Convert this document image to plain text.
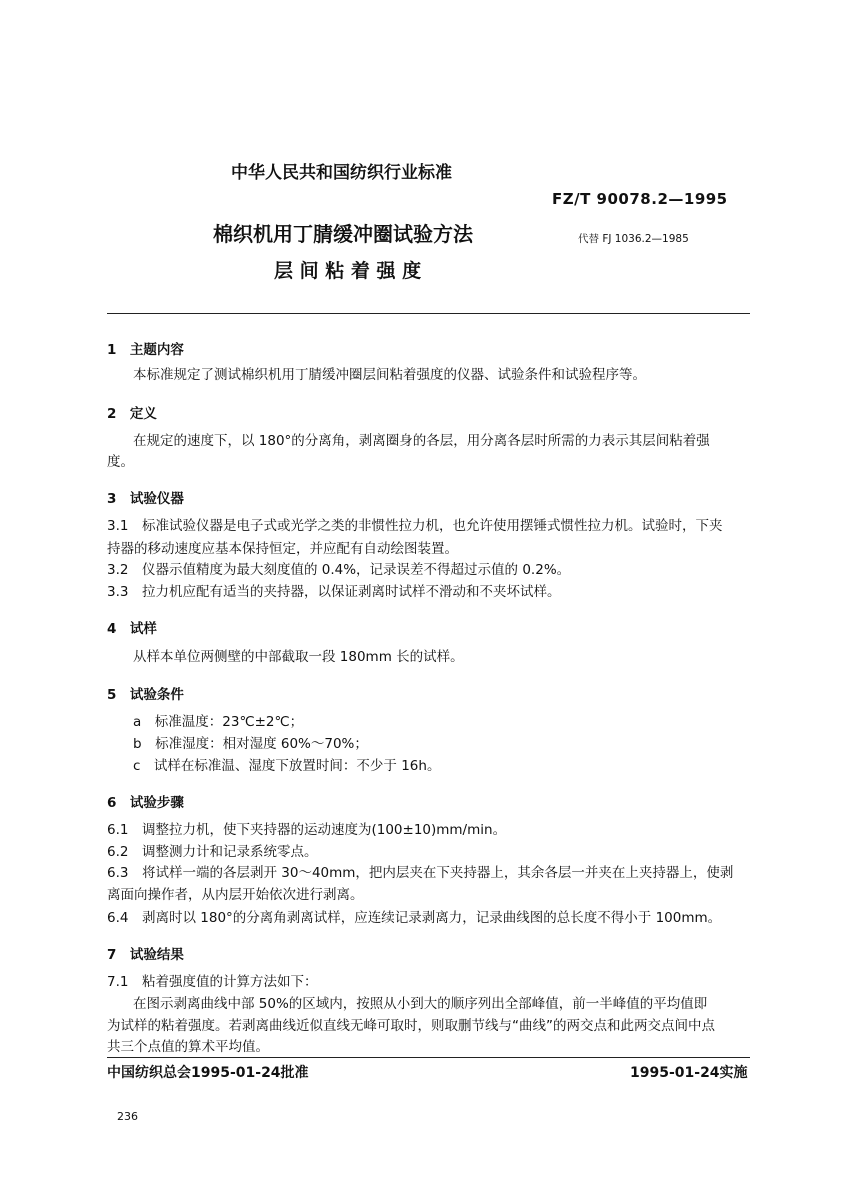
中华人民共和国纺织行业标准
FZ/T 90078.2—1995
棉织机用丁腈缓冲圈试验方法	代替 FJ 1036.2—1985
层 间 粘 着 强 度
1　主题内容
本标准规定了测试棉织机用丁腈缓冲圈层间粘着强度的仪器、试验条件和试验程序等。
2　定义
在规定的速度下，以 180°的分离角，剥离圈身的各层，用分离各层时所需的力表示其层间粘着强
度。
3　试验仪器
3.1　标准试验仪器是电子式或光学之类的非惯性拉力机，也允许使用摆锤式惯性拉力机。试验时，下夹
持器的移动速度应基本保持恒定，并应配有自动绘图装置。
3.2　仪器示值精度为最大刻度值的 0.4%，记录误差不得超过示值的 0.2%。
3.3　拉力机应配有适当的夹持器，以保证剥离时试样不滑动和不夹坏试样。
4　试样
从样本单位两侧壁的中部截取一段 180mm 长的试样。
5　试验条件
a　标准温度：23℃±2℃；
b　标准湿度：相对湿度 60%～70%；
c　试样在标准温、湿度下放置时间：不少于 16h。
6　试验步骤
6.1　调整拉力机，使下夹持器的运动速度为(100±10)mm/min。
6.2　调整测力计和记录系统零点。
6.3　将试样一端的各层剥开 30～40mm，把内层夹在下夹持器上，其余各层一并夹在上夹持器上，使剥
离面向操作者，从内层开始依次进行剥离。
6.4　剥离时以 180°的分离角剥离试样，应连续记录剥离力，记录曲线图的总长度不得小于 100mm。
7　试验结果
7.1　粘着强度值的计算方法如下：
在图示剥离曲线中部 50%的区域内，按照从小到大的顺序列出全部峰值，前一半峰值的平均值即
为试样的粘着强度。若剥离曲线近似直线无峰可取时，则取删节线与“曲线”的两交点和此两交点间中点
共三个点值的算术平均值。
中国纺织总会1995-01-24批准	1995-01-24实施
236
